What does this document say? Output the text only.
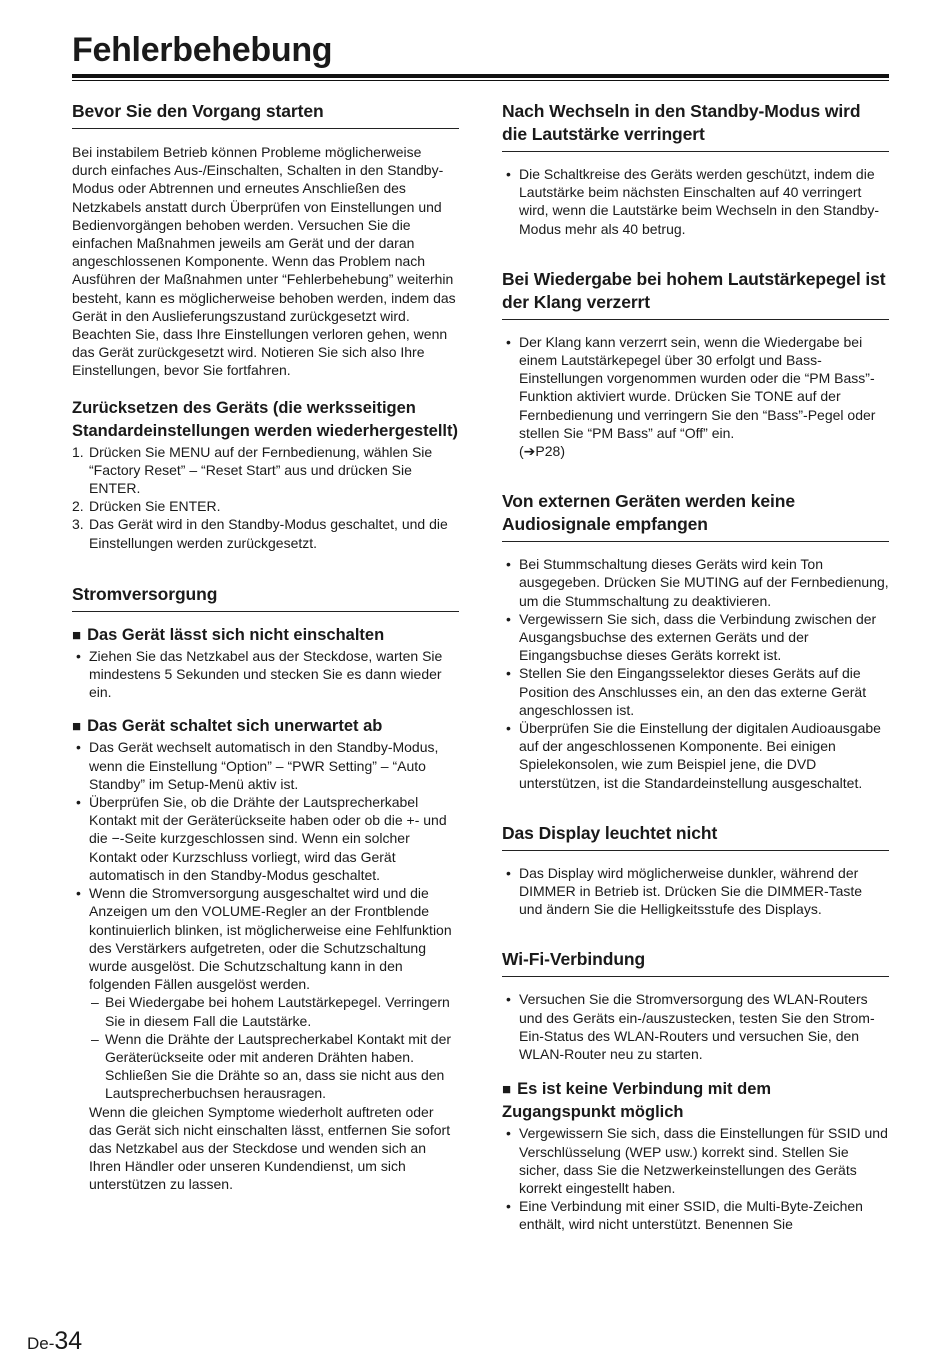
Fehlerbehebung
Bevor Sie den Vorgang starten

Bei instabilem Betrieb können Probleme möglicherweise durch einfaches Aus-/Einschalten, Schalten in den Standby-Modus oder Abtrennen und erneutes Anschließen des Netzkabels anstatt durch Überprüfen von Einstellungen und Bedienvorgängen behoben werden. Versuchen Sie die einfachen Maßnahmen jeweils am Gerät und der daran angeschlossenen Komponente. Wenn das Problem nach Ausführen der Maßnahmen unter “Fehlerbehebung” weiterhin besteht, kann es möglicherweise behoben werden, indem das Gerät in den Auslieferungszustand zurückgesetzt wird. Beachten Sie, dass Ihre Einstellungen verloren gehen, wenn das Gerät zurückgesetzt wird. Notieren Sie sich also Ihre Einstellungen, bevor Sie fortfahren.

Zurücksetzen des Geräts (die werksseitigen Standardeinstellungen werden wiederhergestellt)
1. Drücken Sie MENU auf der Fernbedienung, wählen Sie “Factory Reset” – “Reset Start” aus und drücken Sie ENTER.
2. Drücken Sie ENTER.
3. Das Gerät wird in den Standby-Modus geschaltet, und die Einstellungen werden zurückgesetzt.
Stromversorgung
■ Das Gerät lässt sich nicht einschalten
• Ziehen Sie das Netzkabel aus der Steckdose, warten Sie mindestens 5 Sekunden und stecken Sie es dann wieder ein.
■ Das Gerät schaltet sich unerwartet ab
• Das Gerät wechselt automatisch in den Standby-Modus, wenn die Einstellung “Option” – “PWR Setting” – “Auto Standby” im Setup-Menü aktiv ist.
• Überprüfen Sie, ob die Drähte der Lautsprecherkabel Kontakt mit der Geräterückseite haben oder ob die +- und die −-Seite kurzgeschlossen sind. Wenn ein solcher Kontakt oder Kurzschluss vorliegt, wird das Gerät automatisch in den Standby-Modus geschaltet.
• Wenn die Stromversorgung ausgeschaltet wird und die Anzeigen um den VOLUME-Regler an der Frontblende kontinuierlich blinken, ist möglicherweise eine Fehlfunktion des Verstärkers aufgetreten, oder die Schutzschaltung wurde ausgelöst. Die Schutzschaltung kann in den folgenden Fällen ausgelöst werden.
– Bei Wiedergabe bei hohem Lautstärkepegel. Verringern Sie in diesem Fall die Lautstärke.
– Wenn die Drähte der Lautsprecherkabel Kontakt mit der Geräterückseite oder mit anderen Drähten haben. Schließen Sie die Drähte so an, dass sie nicht aus den Lautsprecherbuchsen herausragen.
Wenn die gleichen Symptome wiederholt auftreten oder das Gerät sich nicht einschalten lässt, entfernen Sie sofort das Netzkabel aus der Steckdose und wenden sich an Ihren Händler oder unseren Kundendienst, um sich unterstützen zu lassen.
Nach Wechseln in den Standby-Modus wird die Lautstärke verringert
• Die Schaltkreise des Geräts werden geschützt, indem die Lautstärke beim nächsten Einschalten auf 40 verringert wird, wenn die Lautstärke beim Wechseln in den Standby-Modus mehr als 40 betrug.
Bei Wiedergabe bei hohem Lautstärkepegel ist der Klang verzerrt
• Der Klang kann verzerrt sein, wenn die Wiedergabe bei einem Lautstärkepegel über 30 erfolgt und Bass-Einstellungen vorgenommen wurden oder die “PM Bass”-Funktion aktiviert wurde. Drücken Sie TONE auf der Fernbedienung und verringern Sie den “Bass”-Pegel oder stellen Sie “PM Bass” auf “Off” ein.
(➔P28)
Von externen Geräten werden keine Audiosignale empfangen
• Bei Stummschaltung dieses Geräts wird kein Ton ausgegeben. Drücken Sie MUTING auf der Fernbedienung, um die Stummschaltung zu deaktivieren.
• Vergewissern Sie sich, dass die Verbindung zwischen der Ausgangsbuchse des externen Geräts und der Eingangsbuchse dieses Geräts korrekt ist.
• Stellen Sie den Eingangsselektor dieses Geräts auf die Position des Anschlusses ein, an den das externe Gerät angeschlossen ist.
• Überprüfen Sie die Einstellung der digitalen Audioausgabe auf der angeschlossenen Komponente. Bei einigen Spielekonsolen, wie zum Beispiel jene, die DVD unterstützen, ist die Standardeinstellung ausgeschaltet.
Das Display leuchtet nicht
• Das Display wird möglicherweise dunkler, während der DIMMER in Betrieb ist. Drücken Sie die DIMMER-Taste und ändern Sie die Helligkeitsstufe des Displays.
Wi-Fi-Verbindung
• Versuchen Sie die Stromversorgung des WLAN-Routers und des Geräts ein-/auszustecken, testen Sie den Strom-Ein-Status des WLAN-Routers und versuchen Sie, den WLAN-Router neu zu starten.
■ Es ist keine Verbindung mit dem Zugangspunkt möglich
• Vergewissern Sie sich, dass die Einstellungen für SSID und Verschlüsselung (WEP usw.) korrekt sind. Stellen Sie sicher, dass Sie die Netzwerkeinstellungen des Geräts korrekt eingestellt haben.
• Eine Verbindung mit einer SSID, die Multi-Byte-Zeichen enthält, wird nicht unterstützt. Benennen Sie
De-34
